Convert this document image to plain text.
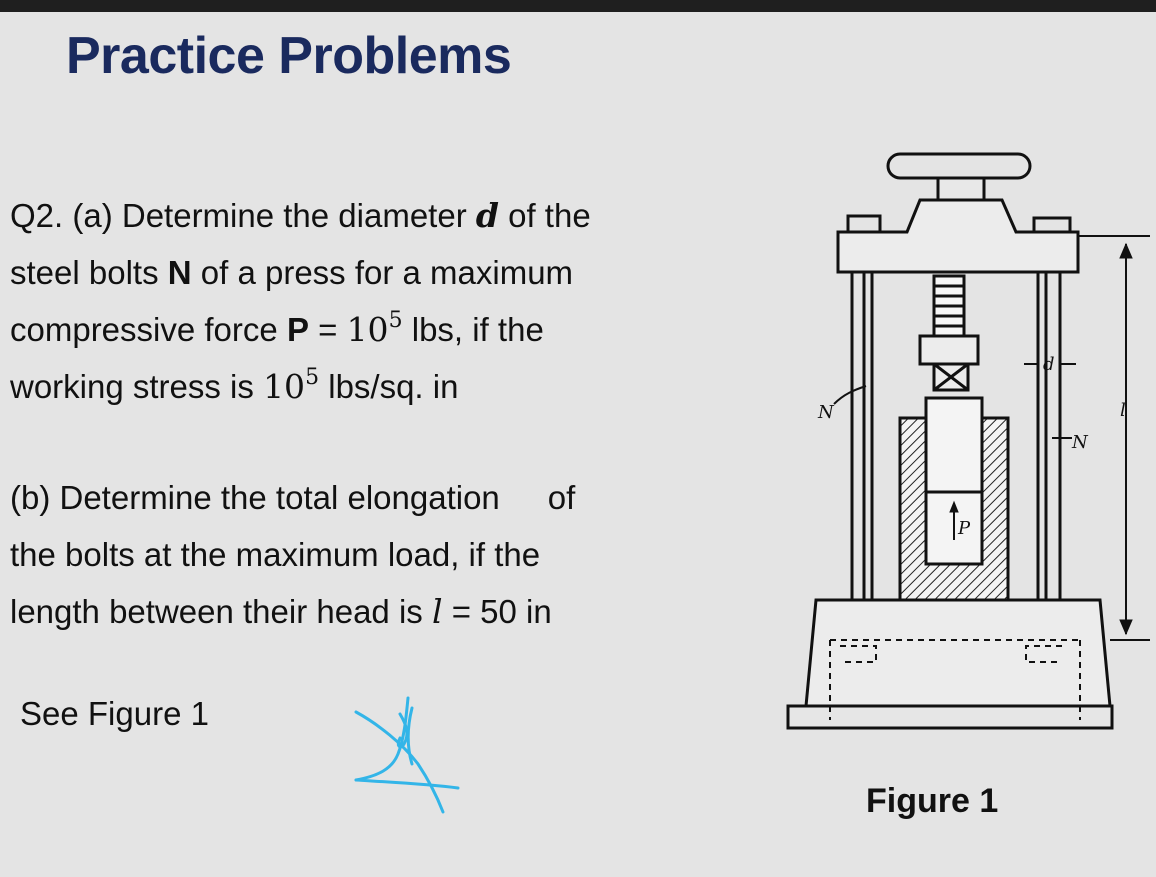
Practice Problems
Q2. (a) Determine the diameter d of the
steel bolts N of a press for a maximum
compressive force $P = 10^5$ lbs, if the
working stress is $10^5$ lbs/sq. in
(b) Determine the total elongation of
the bolts at the maximum load, if the
length between their head is l = 50 in
See Figure 1
N
N
d
P
l
Figure 1
